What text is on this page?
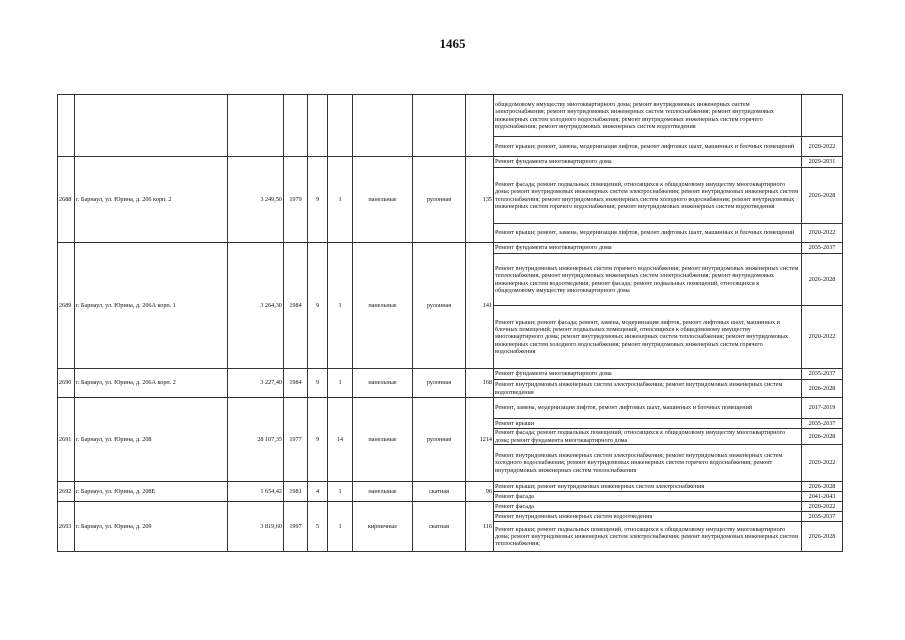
1465
									общедомовому имуществу многоквартирного дома; ремонт внутридомовых инженерных систем электроснабжения; ремонт внутридомовых инженерных систем теплоснабжения; ремонт внутридомовых инженерных систем холодного водоснабжения; ремонт внутридомовых инженерных систем горячего водоснабжения; ремонт внутридомовых инженерных систем водоотведения	
									Ремонт крыши; ремонт, замена, модернизация лифтов, ремонт лифтовых шахт, машинных и блочных помещений	2020-2022
2688	г. Барнаул, ул. Юрина, д. 206 корп. 2	3 249,50	1979	9	1	панельные	рулонная	135	Ремонт фундамента многоквартирного дома	2029-2031
									Ремонт фасада; ремонт подвальных помещений, относящихся к общедомовому имуществу многоквартирного дома; ремонт внутридомовых инженерных систем электроснабжения; ремонт внутридомовых инженерных систем теплоснабжения; ремонт внутридомовых инженерных систем холодного водоснабжения; ремонт внутридомовых инженерных систем горячего водоснабжения; ремонт внутридомовых инженерных систем водоотведения	2026-2028
									Ремонт крыши; ремонт, замена, модернизация лифтов, ремонт лифтовых шахт, машинных и блочных помещений	2020-2022
2689	г. Барнаул, ул. Юрина, д. 206А корп. 1	3 264,30	1984	9	1	панельные	рулонная	141	Ремонт фундамента многоквартирного дома	2035-2037
									Ремонт внутридомовых инженерных систем горячего водоснабжения; ремонт внутридомовых инженерных систем теплоснабжения; ремонт внутридомовых инженерных систем электроснабжения; ремонт внутридомовых инженерных систем водоотведения; ремонт фасада; ремонт подвальных помещений, относящихся к общедомовому имуществу многоквартирного дома	2026-2028
									Ремонт крыши; ремонт фасада; ремонт, замена, модернизация лифтов, ремонт лифтовых шахт, машинных и блочных помещений; ремонт подвальных помещений, относящихся к общедомовому имуществу многоквартирного дома; ремонт внутридомовых инженерных систем теплоснабжения; ремонт внутридомовых инженерных систем холодного водоснабжения; ремонт внутридомовых инженерных систем горячего водоснабжения	2020-2022
2690	г. Барнаул, ул. Юрина, д. 206А корп. 2	3 227,40	1984	9	1	панельные	рулонная	168	Ремонт фундамента многоквартирного дома	2035-2037
									Ремонт внутридомовых инженерных систем электроснабжения; ремонт внутридомовых инженерных систем водоотведения	2026-2028
2691	г. Барнаул, ул. Юрина, д. 208	28 107,35	1977	9	14	панельные	рулонная	1214	Ремонт, замена, модернизация лифтов, ремонт лифтовых шахт, машинных и блочных помещений	2017-2019
									Ремонт крыши	2035-2037
									Ремонт фасада; ремонт подвальных помещений, относящихся к общедомовому имуществу многоквартирного дома; ремонт фундамента многоквартирного дома	2026-2028
									Ремонт внутридомовых инженерных систем электроснабжения; ремонт внутридомовых инженерных систем холодного водоснабжения; ремонт внутридомовых инженерных систем горячего водоснабжения; ремонт внутридомовых инженерных систем теплоснабжения	2020-2022
2692	г. Барнаул, ул. Юрина, д. 208Е	1 654,42	1981	4	1	панельные	скатная	96	Ремонт крыши; ремонт внутридомовых инженерных систем электроснабжения	2026-2028
									Ремонт фасада	2041-2043
2693	г. Барнаул, ул. Юрина, д. 209	3 819,60	1997	5	1	кирпичные	скатная	116	Ремонт фасада	2020-2022
									Ремонт внутридомовых инженерных систем водоотведения	2035-2037
									Ремонт крыши; ремонт подвальных помещений, относящихся к общедомовому имуществу многоквартирного дома; ремонт внутридомовых инженерных систем электроснабжения; ремонт внутридомовых инженерных систем теплоснабжения;	2026-2028
